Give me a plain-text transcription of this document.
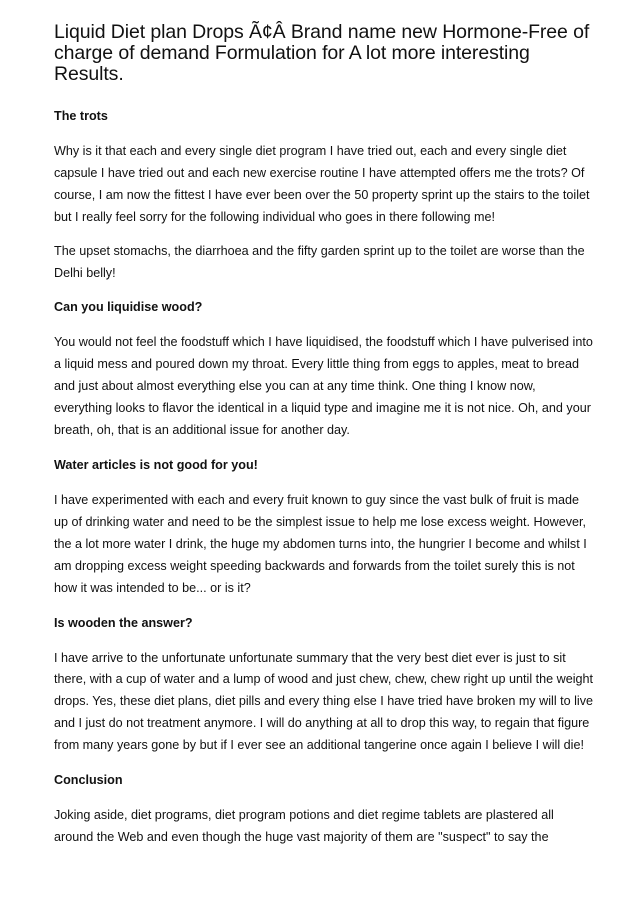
Liquid Diet plan Drops Ã¢Â Brand name new Hormone-Free of charge of demand Formulation for A lot more interesting Results.
The trots

Why is it that each and every single diet program I have tried out, each and every single diet capsule I have tried out and each new exercise routine I have attempted offers me the trots? Of course, I am now the fittest I have ever been over the 50 property sprint up the stairs to the toilet but I really feel sorry for the following individual who goes in there following me!

The upset stomachs, the diarrhoea and the fifty garden sprint up to the toilet are worse than the Delhi belly!

Can you liquidise wood?

You would not feel the foodstuff which I have liquidised, the foodstuff which I have pulverised into a liquid mess and poured down my throat. Every little thing from eggs to apples, meat to bread and just about almost everything else you can at any time think. One thing I know now, everything looks to flavor the identical in a liquid type and imagine me it is not nice. Oh, and your breath, oh, that is an additional issue for another day.

Water articles is not good for you!

I have experimented with each and every fruit known to guy since the vast bulk of fruit is made up of drinking water and need to be the simplest issue to help me lose excess weight. However, the a lot more water I drink, the huge my abdomen turns into, the hungrier I become and whilst I am dropping excess weight speeding backwards and forwards from the toilet surely this is not how it was intended to be... or is it?

Is wooden the answer?

I have arrive to the unfortunate unfortunate summary that the very best diet ever is just to sit there, with a cup of water and a lump of wood and just chew, chew, chew right up until the weight drops. Yes, these diet plans, diet pills and every thing else I have tried have broken my will to live and I just do not treatment anymore. I will do anything at all to drop this way, to regain that figure from many years gone by but if I ever see an additional tangerine once again I believe I will die!

Conclusion

Joking aside, diet programs, diet program potions and diet regime tablets are plastered all around the Web and even though the huge vast majority of them are "suspect" to say the
